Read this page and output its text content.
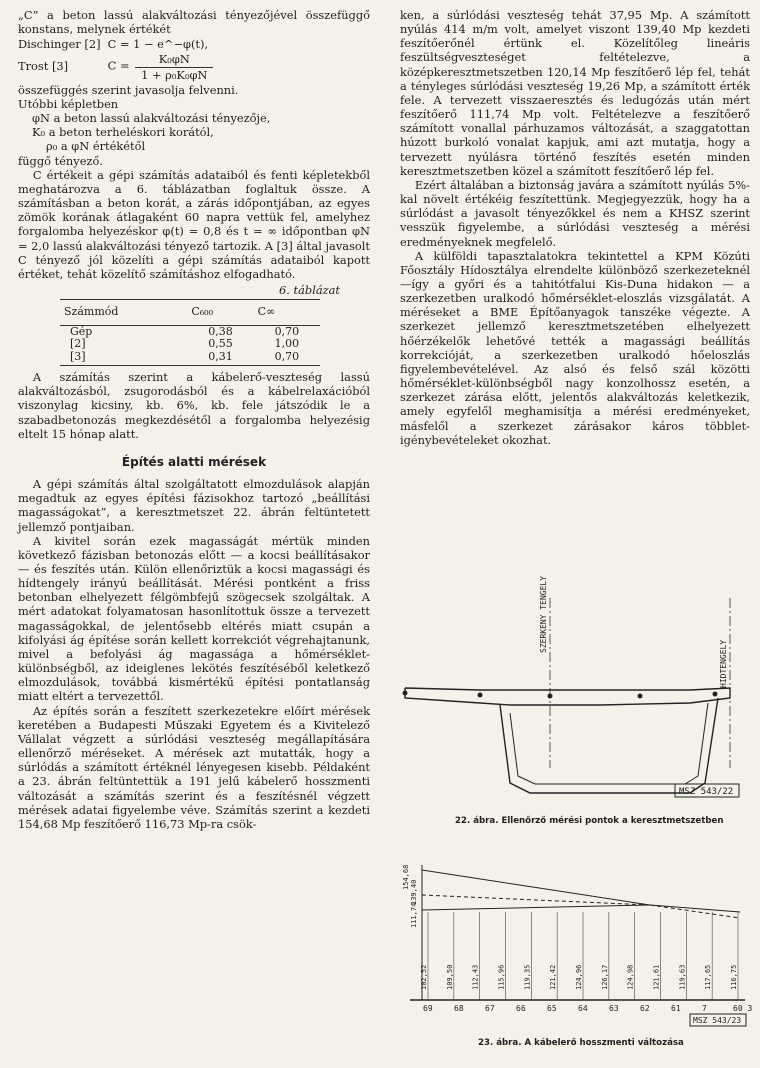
„C” a beton lassú alakváltozási tényezőjével összefüggő konstans, melynek értékét

Dischinger [2] C = 1 − e^−φ(t),
Trost [3]	$C = \frac{\text{K₀φN}}{\text{1 + ρ₀K₀φN}}$

összefüggés szerint javasolja felvenni.

Utóbbi képletben

φN a beton lassú alakváltozási tényezője,

K₀ a beton terheléskori korától,

ρ₀ a φN értékétől

függő tényező.

C értékeit a gépi számítás adataiból és fenti képletekből meghatározva a 6. táblázatban foglaltuk össze. A számításban a beton korát, a zárás időpontjában, az egyes zömök korának átlagaként 60 napra vettük fel, amelyhez forgalomba helyezéskor φ(t) = 0,8 és t = ∞ időpontban φN = 2,0 lassú alakváltozási tényező tartozik. A [3] által javasolt C tényező jól közelíti a gépi számítás adataiból kapott értéket, tehát közelítő számításhoz elfogadható.

6. táblázat
Számmód	C₆₀₀	C∞
Gép	0,38	0,70
[2]	0,55	1,00
[3]	0,31	0,70

A számítás szerint a kábelerő-veszteség lassú alakváltozásból, zsugorodásból és a kábelrelaxációból viszonylag kicsiny, kb. 6%, kb. fele játszódik le a szabadbetonozás megkezdésétől a forgalomba helyezésig eltelt 15 hónap alatt.

Építés alatti mérések

A gépi számítás által szolgáltatott elmozdulások alapján megadtuk az egyes építési fázisokhoz tartozó „beállítási magasságokat”, a keresztmetszet 22. ábrán feltüntetett jellemző pontjaiban.

A kivitel során ezek magasságát mértük minden következő fázisban betonozás előtt — a kocsi beállításakor — és feszítés után. Külön ellenőriztük a kocsi magassági és hídtengely irányú beállítását. Mérési pontként a friss betonban elhelyezett félgömbfejű szögecsek szolgáltak. A mért adatokat folyamatosan hasonlítottuk össze a tervezett magasságokkal, de jelentősebb eltérés miatt csupán a kifolyási ág építése során kellett korrekciót végrehajtanunk, mivel a befolyási ág magassága a hőmérséklet-különbségből, az ideiglenes lekötés feszítéséből keletkező elmozdulások, továbbá kismértékű építési pontatlanság miatt eltért a tervezettől.

Az építés során a feszített szerkezetekre előírt mérések keretében a Budapesti Műszaki Egyetem és a Kivitelező Vállalat végzett a súrlódási veszteség megállapítására ellenőrző méréseket. A mérések azt mutatták, hogy a súrlódás a számított értéknél lényegesen kisebb. Példaként a 23. ábrán feltüntettük a 191 jelű kábelerő hosszmenti változását a számítás szerint és a feszítésnél végzett mérések adatai figyelembe véve. Számítás szerint a kezdeti 154,68 Mp feszítőerő 116,73 Mp-ra csök-

ken, a súrlódási veszteség tehát 37,95 Mp. A számított nyúlás 414 m/m volt, amelyet viszont 139,40 Mp kezdeti feszítőerőnél értünk el. Közelítőleg lineáris feszültségveszteséget feltételezve, a középkeresztmetszetben 120,14 Mp feszítőerő lép fel, tehát a tényleges súrlódási veszteség 19,26 Mp, a számított érték fele. A tervezett visszaeresztés és ledugózás után mért feszítőerő 111,74 Mp volt. Feltételezve a feszítőerő számított vonallal párhuzamos változását, a szaggatottan húzott burkoló vonalat kapjuk, ami azt mutatja, hogy a tervezett nyúlásra történő feszítés esetén minden keresztmetszetben közel a számított feszítőerő lép fel.

Ezért általában a biztonság javára a számított nyúlás 5%-kal növelt értékéig feszítettünk. Megjegyezzük, hogy ha a súrlódást a javasolt tényezőkkel és nem a KHSZ szerint vesszük figyelembe, a súrlódási veszteség a mérési eredményeknek megfelelő.

A külföldi tapasztalatokra tekintettel a KPM Közúti Főosztály Hídosztálya elrendelte különböző szerkezeteknél—így a győri és a tahitótfalui Kis-Duna hidakon — a szerkezetben uralkodó hőmérséklet-eloszlás vizsgálatát. A méréseket a BME Építőanyagok tanszéke végezte. A szerkezet jellemző keresztmetszetében elhelyezett hőérzékelők lehetővé tették a magassági beállítás korrekcióját, a szerkezetben uralkodó hőeloszlás figyelembevételével. Az alsó és felső szál közötti hőmérséklet-különbségből nagy konzolhossz esetén, a szerkezet zárása előtt, jelentős alakváltozás keletkezik, amely egyfelől meghamisítja a mérési eredményeket, másfelől a szerkezet zárásakor káros többlet-igénybevételeket okozhat.

SZERKENY TENGELY
HIDTENGELY
MSZ 543/22
22. ábra. Ellenőrző mérési pontok a keresztmetszetben
102,52	109,50	112,43	115,96	119,35	121,42	124,96	126,17	124,98	121,61	119,63	117,65	116,75
69	68	67	66	65	64	63	62	61	7	60 3
154,68
139,40
111,74
MSZ 543/23
23. ábra. A kábelerő hosszmenti változása
